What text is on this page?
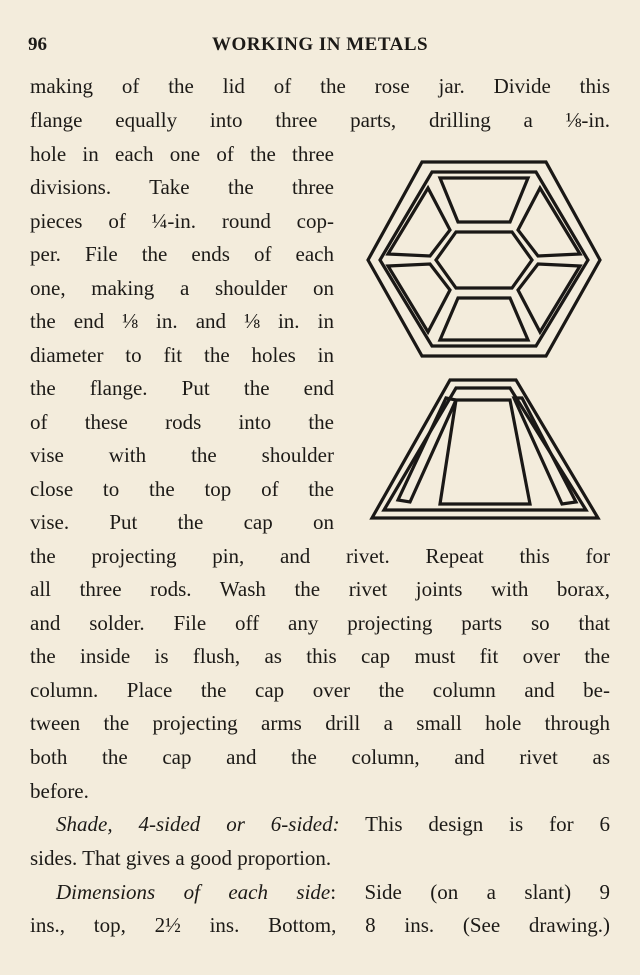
96	WORKING IN METALS
making of the lid of the rose jar. Divide this
flange equally into three parts, drilling a ⅛-in.
hole in each one of the three
divisions. Take the three
pieces of ¼-in. round cop-
per. File the ends of each
one, making a shoulder on
the end ⅛ in. and ⅛ in. in
diameter to fit the holes in
the flange. Put the end
of these rods into the
vise with the shoulder
close to the top of the
vise. Put the cap on
the projecting pin, and rivet. Repeat this for
all three rods. Wash the rivet joints with borax,
and solder. File off any projecting parts so that
the inside is flush, as this cap must fit over the
column. Place the cap over the column and be-
tween the projecting arms drill a small hole through
both the cap and the column, and rivet as
before.
Shade, 4-sided or 6-sided: This design is for 6
sides. That gives a good proportion.
Dimensions of each side: Side (on a slant) 9
ins., top, 2½ ins. Bottom, 8 ins. (See drawing.)
